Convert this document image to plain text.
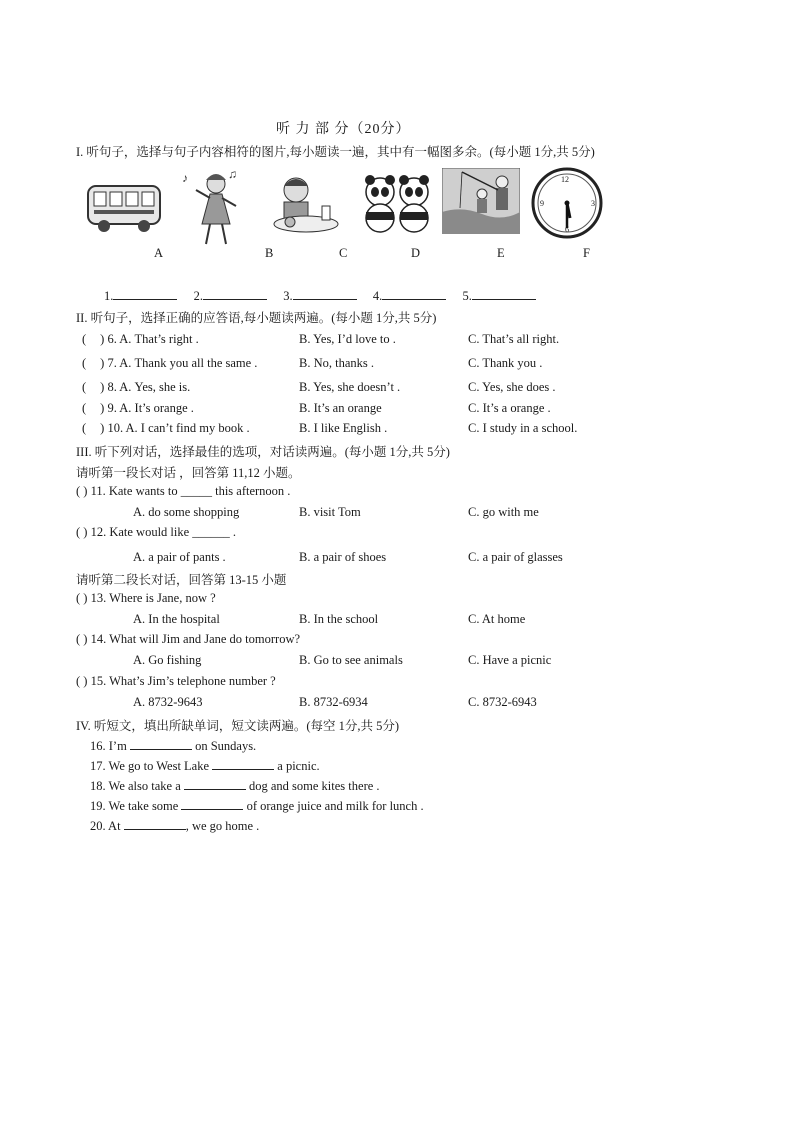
听 力 部 分（20分）
I. 听句子，选择与句子内容相符的图片,每小题读一遍，其中有一幅图多余。(每小题 1分,共 5分)
A
♪	♫
B	C	D	E
12
3
6
9
F
1.	2.	3.	4.	5.
II. 听句子，选择正确的应答语,每小题读两遍。(每小题 1分,共 5分)
( ) 6. A. That’s right .	B. Yes, I’d love to .	C. That’s all right.
( ) 7. A. Thank you all the same .	B. No, thanks .	C. Thank you .
( ) 8. A. Yes, she is.	B. Yes, she doesn’t .	C. Yes, she does .
( ) 9. A. It’s orange .	B. It’s an orange	C. It’s a orange .
( ) 10. A. I can’t find my book .	B. I like English .	C. I study in a school.
III. 听下列对话，选择最佳的选项，对话读两遍。(每小题 1分,共 5分)
请听第一段长对话 ，回答第 11,12 小题。
( ) 11. Kate wants to _____ this afternoon .
A. do some shopping	B. visit Tom	C. go with me
( ) 12. Kate would like ______ .
A. a pair of pants .	B. a pair of shoes	C. a pair of glasses
请听第二段长对话，回答第 13-15 小题
( ) 13. Where is Jane, now ?
A. In the hospital	B. In the school	C. At home
( ) 14. What will Jim and Jane do tomorrow?
A. Go fishing	B. Go to see animals	C. Have a picnic
( ) 15. What’s Jim’s telephone number ?
A. 8732-9643	B. 8732-6934	C. 8732-6943
IV. 听短文，填出所缺单词，短文读两遍。(每空 1分,共 5分)
16. I’m	on Sundays.
17. We go to West Lake	a picnic.
18. We also take a	dog and some kites there .
19. We take some	of orange juice and milk for lunch .
20. At	, we go home .
